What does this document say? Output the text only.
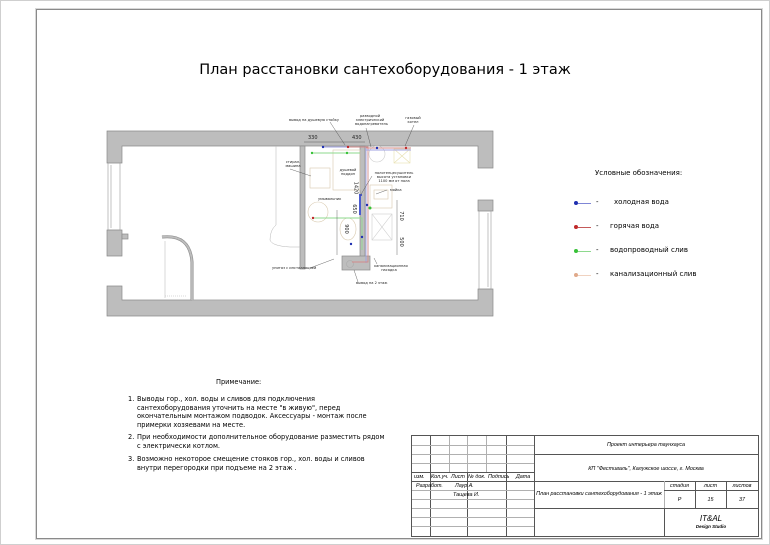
План расстановки сантехоборудования - 1 этаж
вывод на душевую стойку
разводной электрический водонагреватель
газовый котел
стирал. машина
душевой поддон	полотенцесушитель высота установки 1100 мм от пола
мойка
умывальник
унитаз с инсталляцией
вывод на 2 этаж
канализационная насадка
330	430
1420
650
900
710
500
Условные обозначения:
- холодная вода
- горячая вода
- водопроводный слив
- канализационный слив
Примечание:
1. Выводы гор., хол. воды и сливов для подключения сантехоборудования уточнить на месте "в живую", перед окончательным монтажом подводок. Аксессуары - монтаж после примерки хозяевами на месте.
2. При необходимости дополнительное оборудование разместить рядом с электрически котлом.
3. Возможно некоторое смещение стояков гор., хол. воды и сливов внутри перегородки при подъеме на 2 этаж .
Проект интерьера таунхауса
КП "Фестиваль", Калужское шоссе, г. Москва
изм. Кол.уч. Лист № док. Подпись Дата
Разработ. Лаур А.
Тащева И.	План расстановки сантехоборудования - 1 этаж
стадия	лист	листов
Р	15	37
IT&AL
Design Studio
